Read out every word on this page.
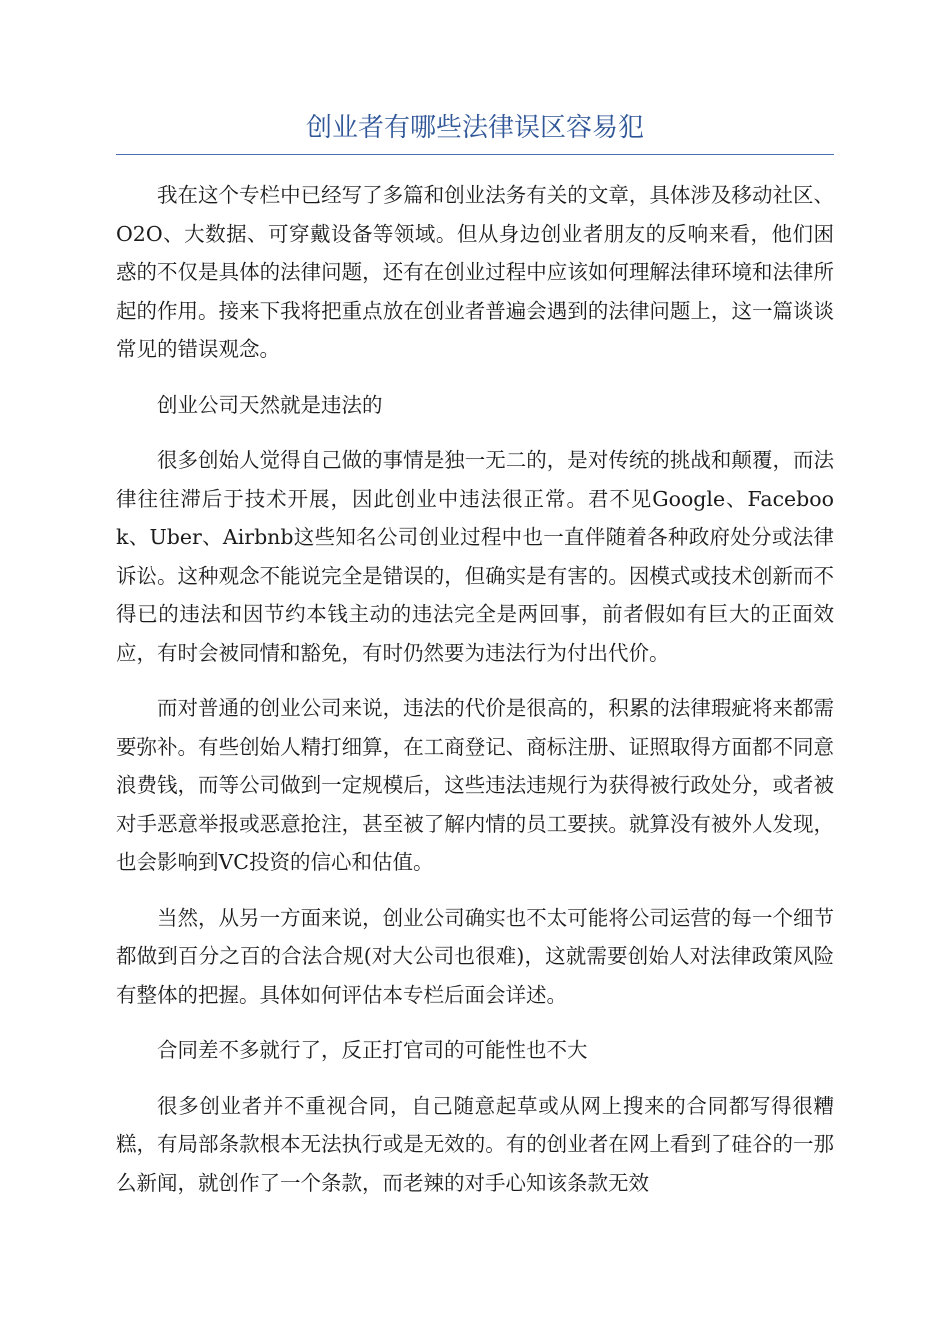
创业者有哪些法律误区容易犯

我在这个专栏中已经写了多篇和创业法务有关的文章，具体涉及移动社区、O2O、大数据、可穿戴设备等领域。但从身边创业者朋友的反响来看，他们困惑的不仅是具体的法律问题，还有在创业过程中应该如何理解法律环境和法律所起的作用。接来下我将把重点放在创业者普遍会遇到的法律问题上，这一篇谈谈常见的错误观念。

创业公司天然就是违法的

很多创始人觉得自己做的事情是独一无二的，是对传统的挑战和颠覆，而法律往往滞后于技术开展，因此创业中违法很正常。君不见Google、Facebook、Uber、Airbnb这些知名公司创业过程中也一直伴随着各种政府处分或法律诉讼。这种观念不能说完全是错误的，但确实是有害的。因模式或技术创新而不得已的违法和因节约本钱主动的违法完全是两回事，前者假如有巨大的正面效应，有时会被同情和豁免，有时仍然要为违法行为付出代价。

而对普通的创业公司来说，违法的代价是很高的，积累的法律瑕疵将来都需要弥补。有些创始人精打细算，在工商登记、商标注册、证照取得方面都不同意浪费钱，而等公司做到一定规模后，这些违法违规行为获得被行政处分，或者被对手恶意举报或恶意抢注，甚至被了解内情的员工要挟。就算没有被外人发现，也会影响到VC投资的信心和估值。

当然，从另一方面来说，创业公司确实也不太可能将公司运营的每一个细节都做到百分之百的合法合规(对大公司也很难)，这就需要创始人对法律政策风险有整体的把握。具体如何评估本专栏后面会详述。

合同差不多就行了，反正打官司的可能性也不大

很多创业者并不重视合同，自己随意起草或从网上搜来的合同都写得很糟糕，有局部条款根本无法执行或是无效的。有的创业者在网上看到了硅谷的一那么新闻，就创作了一个条款，而老辣的对手心知该条款无效
